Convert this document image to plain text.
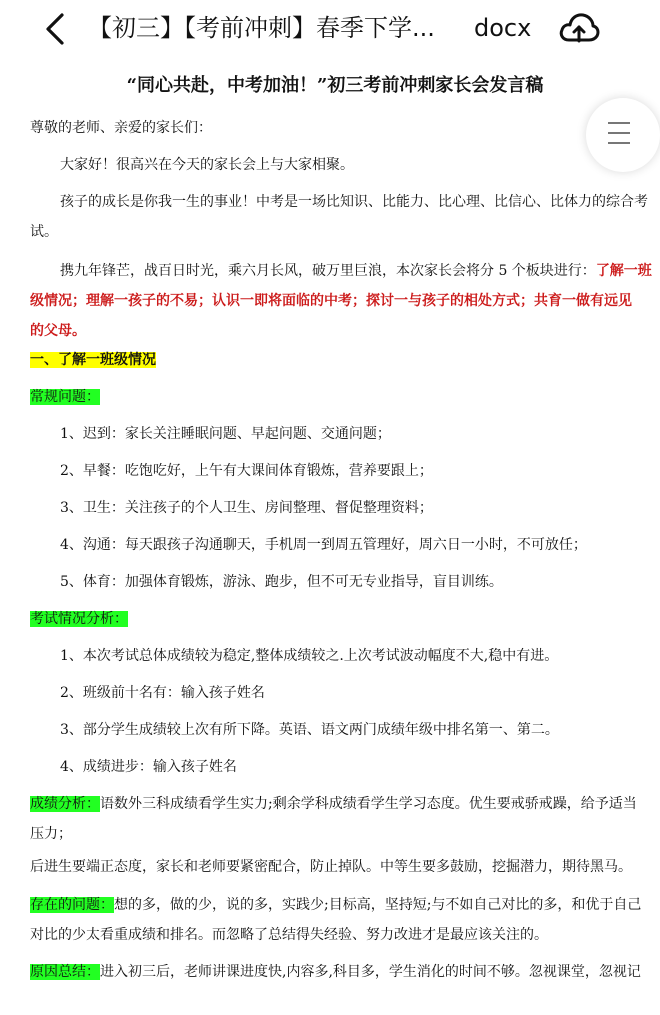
【初三】【考前冲刺】春季下学... docx
“同心共赴，中考加油！”初三考前冲刺家长会发言稿
尊敬的老师、亲爱的家长们：
大家好！很高兴在今天的家长会上与大家相聚。
孩子的成长是你我一生的事业！中考是一场比知识、比能力、比心理、比信心、比体力的综合考
试。
携九年锋芒，战百日时光，乘六月长风，破万里巨浪，本次家长会将分 5 个板块进行：了解一班
级情况；理解一孩子的不易；认识一即将面临的中考；探讨一与孩子的相处方式；共育一做有远见
的父母。
一、了解一班级情况
常规问题：
1、迟到：家长关注睡眠问题、早起问题、交通问题；
2、早餐：吃饱吃好，上午有大课间体育锻炼，营养要跟上；
3、卫生：关注孩子的个人卫生、房间整理、督促整理资料；
4、沟通：每天跟孩子沟通聊天，手机周一到周五管理好，周六日一小时，不可放任；
5、体育：加强体育锻炼，游泳、跑步，但不可无专业指导，盲目训练。
考试情况分析：
1、本次考试总体成绩较为稳定,整体成绩较之.上次考试波动幅度不大,稳中有进。
2、班级前十名有：输入孩子姓名
3、部分学生成绩较上次有所下降。英语、语文两门成绩年级中排名第一、第二。
4、成绩进步：输入孩子姓名
成绩分析：语数外三科成绩看学生实力;剩余学科成绩看学生学习态度。优生要戒骄戒躁，给予适当
压力；
后进生要端正态度，家长和老师要紧密配合，防止掉队。中等生要多鼓励，挖掘潜力，期待黑马。
存在的问题：想的多，做的少，说的多，实践少;目标高，坚持短;与不如自己对比的多，和优于自己
对比的少太看重成绩和排名。而忽略了总结得失经验、努力改进才是最应该关注的。
原因总结：进入初三后，老师讲课进度快,内容多,科目多，学生消化的时间不够。忽视课堂，忽视记
